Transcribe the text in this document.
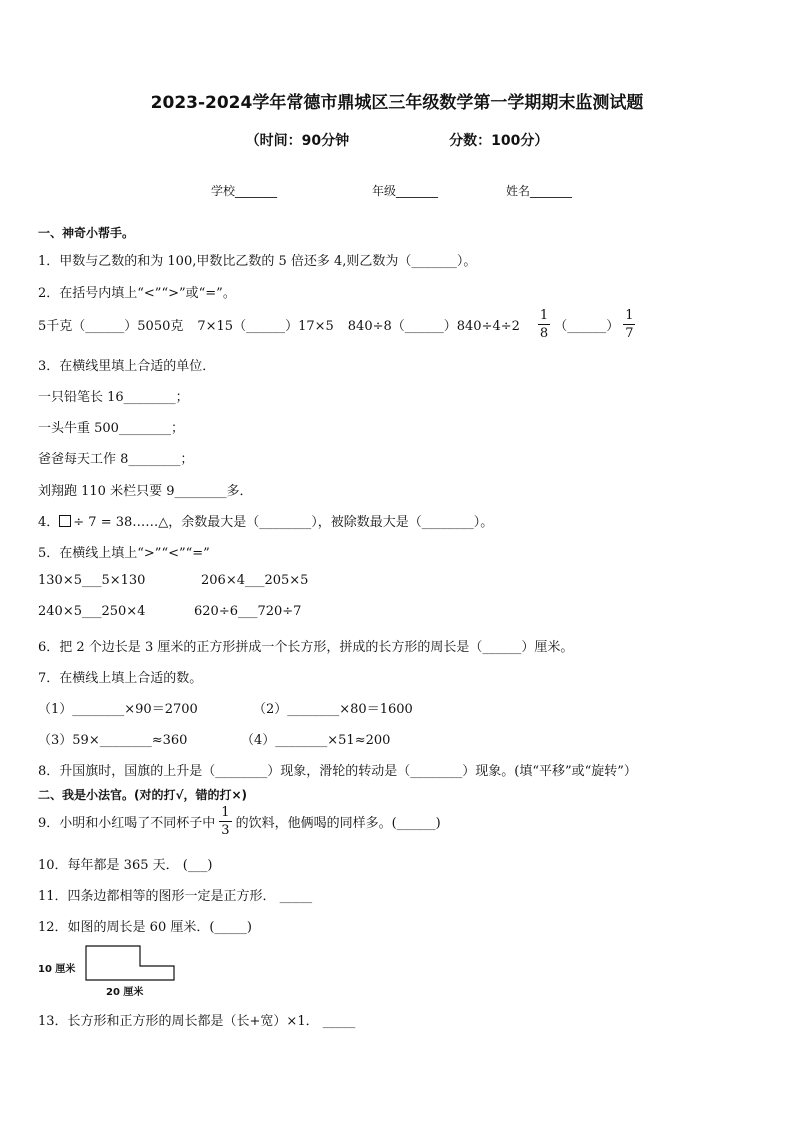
2023-2024学年常德市鼎城区三年级数学第一学期期末监测试题
（时间：90分钟	分数：100分）
学校_______	年级_______	姓名_______
一、神奇小帮手。
1．甲数与乙数的和为 100,甲数比乙数的 5 倍还多 4,则乙数为（_______）。
2．在括号内填上“<”“>”或“=”。
5千克（______）5050克 7×15（______）17×5 840÷8（______）840÷4÷2 $\frac{1}{8}$ （______） $\frac{1}{7}$
3．在横线里填上合适的单位．
一只铅笔长 16________；
一头牛重 500________；
爸爸每天工作 8________；
刘翔跑 110 米栏只要 9________多．
4． ÷ 7 = 38……△，余数最大是（________），被除数最大是（________）。
5．在横线上填上“>”“<”“=”
130×5___5×130	206×4___205×5
240×5___250×4	620÷6___720÷7
6．把 2 个边长是 3 厘米的正方形拼成一个长方形，拼成的长方形的周长是（______）厘米。
7．在横线上填上合适的数。
（1）________×90＝2700	（2）________×80＝1600
（3）59×________≈360	（4）________×51≈200
8．升国旗时，国旗的上升是（________）现象，滑轮的转动是（________）现象。(填“平移”或“旋转”）
二、我是小法官。(对的打√，错的打×)
9．小明和小红喝了不同杯子中 $\frac{1}{3}$ 的饮料，他俩喝的同样多。(______)
10．每年都是 365 天． (___)
11．四条边都相等的图形一定是正方形． _____
12．如图的周长是 60 厘米．(_____)
10 厘米
20 厘米
13．长方形和正方形的周长都是（长+宽）×1． _____
